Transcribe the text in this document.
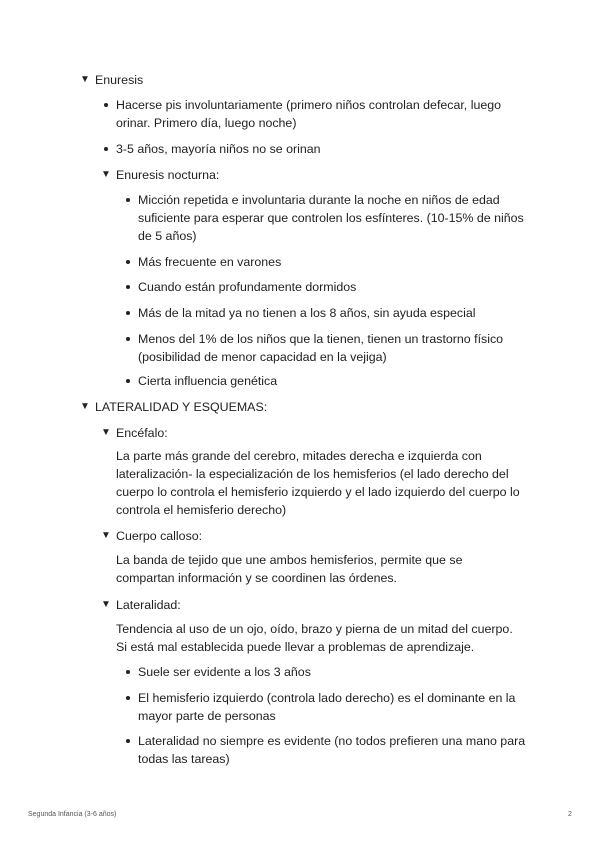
▼ Enuresis
Hacerse pis involuntariamente (primero niños controlan defecar, luego orinar. Primero día, luego noche)
3-5 años, mayoría niños no se orinan
▼ Enuresis nocturna:
Micción repetida e involuntaria durante la noche en niños de edad suficiente para esperar que controlen los esfínteres. (10-15% de niños de 5 años)
Más frecuente en varones
Cuando están profundamente dormidos
Más de la mitad ya no tienen a los 8 años, sin ayuda especial
Menos del 1% de los niños que la tienen, tienen un trastorno físico (posibilidad de menor capacidad en la vejiga)
Cierta influencia genética
▼ LATERALIDAD Y ESQUEMAS:
▼ Encéfalo:
La parte más grande del cerebro, mitades derecha e izquierda con lateralización- la especialización de los hemisferios (el lado derecho del cuerpo lo controla el hemisferio izquierdo y el lado izquierdo del cuerpo lo controla el hemisferio derecho)
▼ Cuerpo calloso:
La banda de tejido que une ambos hemisferios, permite que se compartan información y se coordinen las órdenes.
▼ Lateralidad:
Tendencia al uso de un ojo, oído, brazo y pierna de un mitad del cuerpo. Si está mal establecida puede llevar a problemas de aprendizaje.
Suele ser evidente a los 3 años
El hemisferio izquierdo (controla lado derecho) es el dominante en la mayor parte de personas
Lateralidad no siempre es evidente (no todos prefieren una mano para todas las tareas)
Segunda Infancia (3-6 años)	2
